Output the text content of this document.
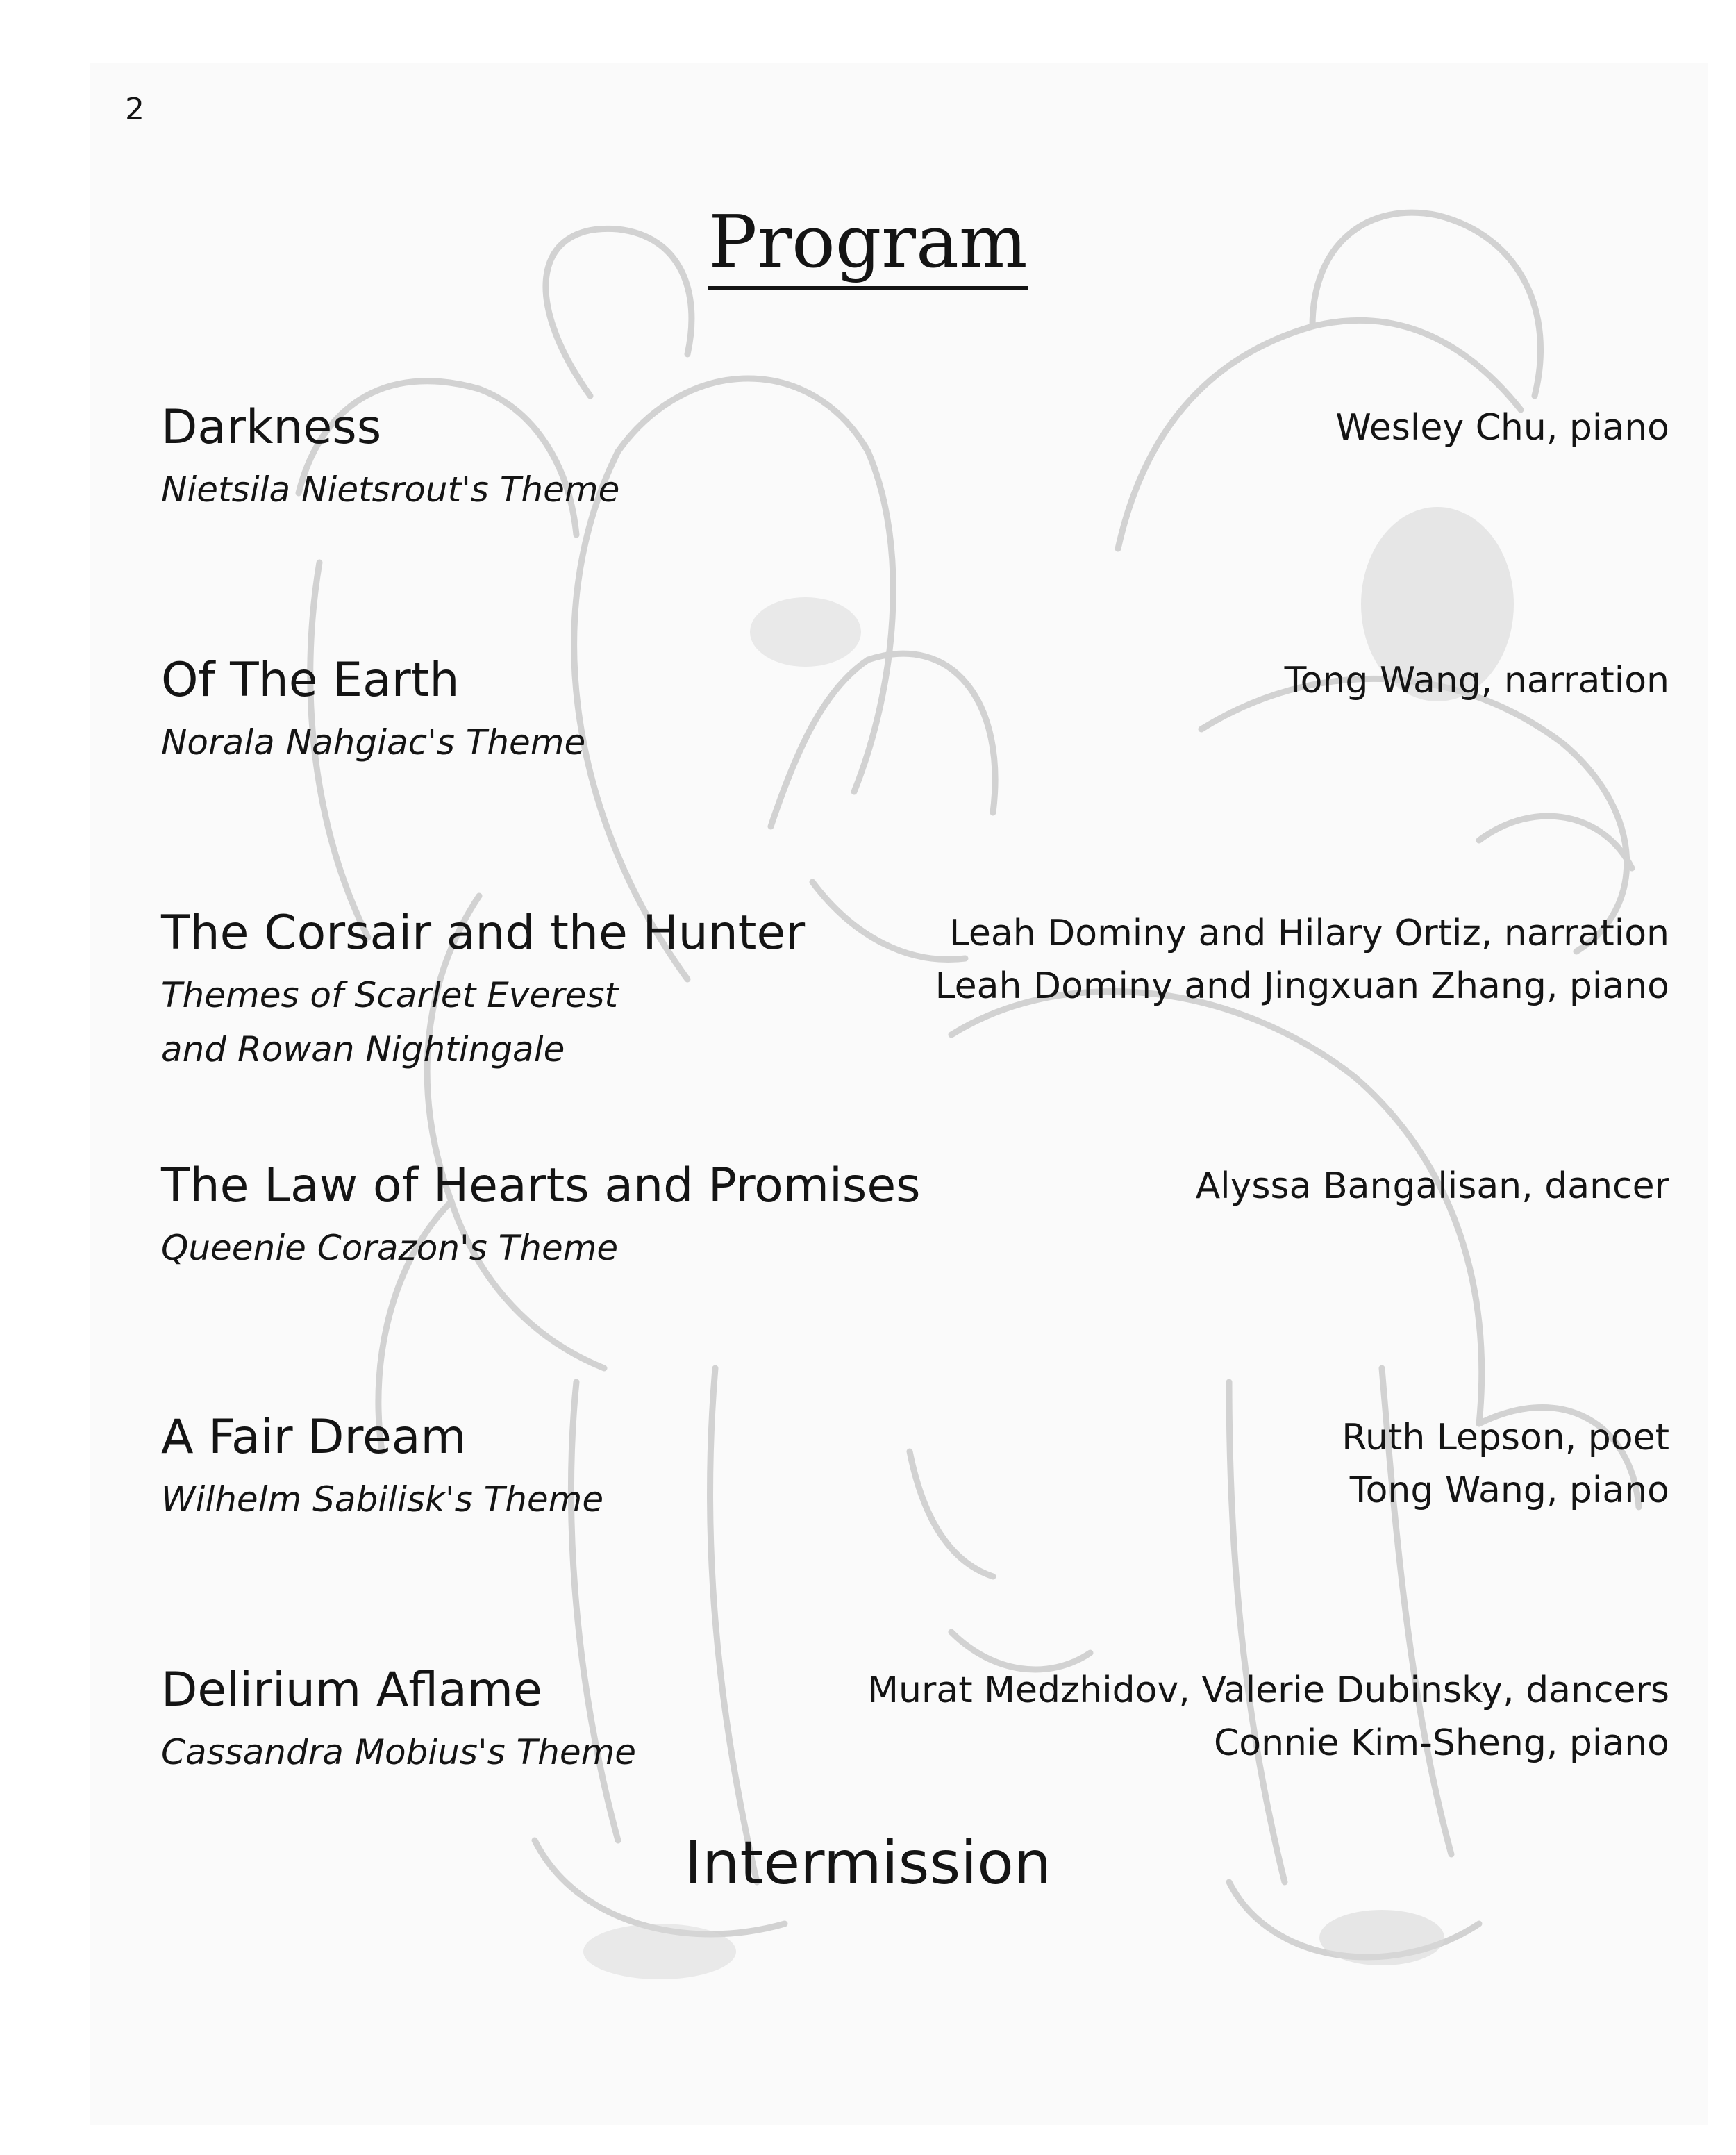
2
Program
Darkness
Nietsila Nietsrout's Theme
Wesley Chu, piano
Of The Earth
Norala Nahgiac's Theme
Tong Wang, narration
The Corsair and the Hunter
Themes of Scarlet Everest
and Rowan Nightingale
Leah Dominy and Hilary Ortiz, narration
Leah Dominy and Jingxuan Zhang, piano
The Law of Hearts and Promises
Queenie Corazon's Theme
Alyssa Bangalisan, dancer
A Fair Dream
Wilhelm Sabilisk's Theme
Ruth Lepson, poet
Tong Wang, piano
Delirium Aflame
Cassandra Mobius's Theme
Murat Medzhidov, Valerie Dubinsky, dancers
Connie Kim-Sheng, piano
Intermission
